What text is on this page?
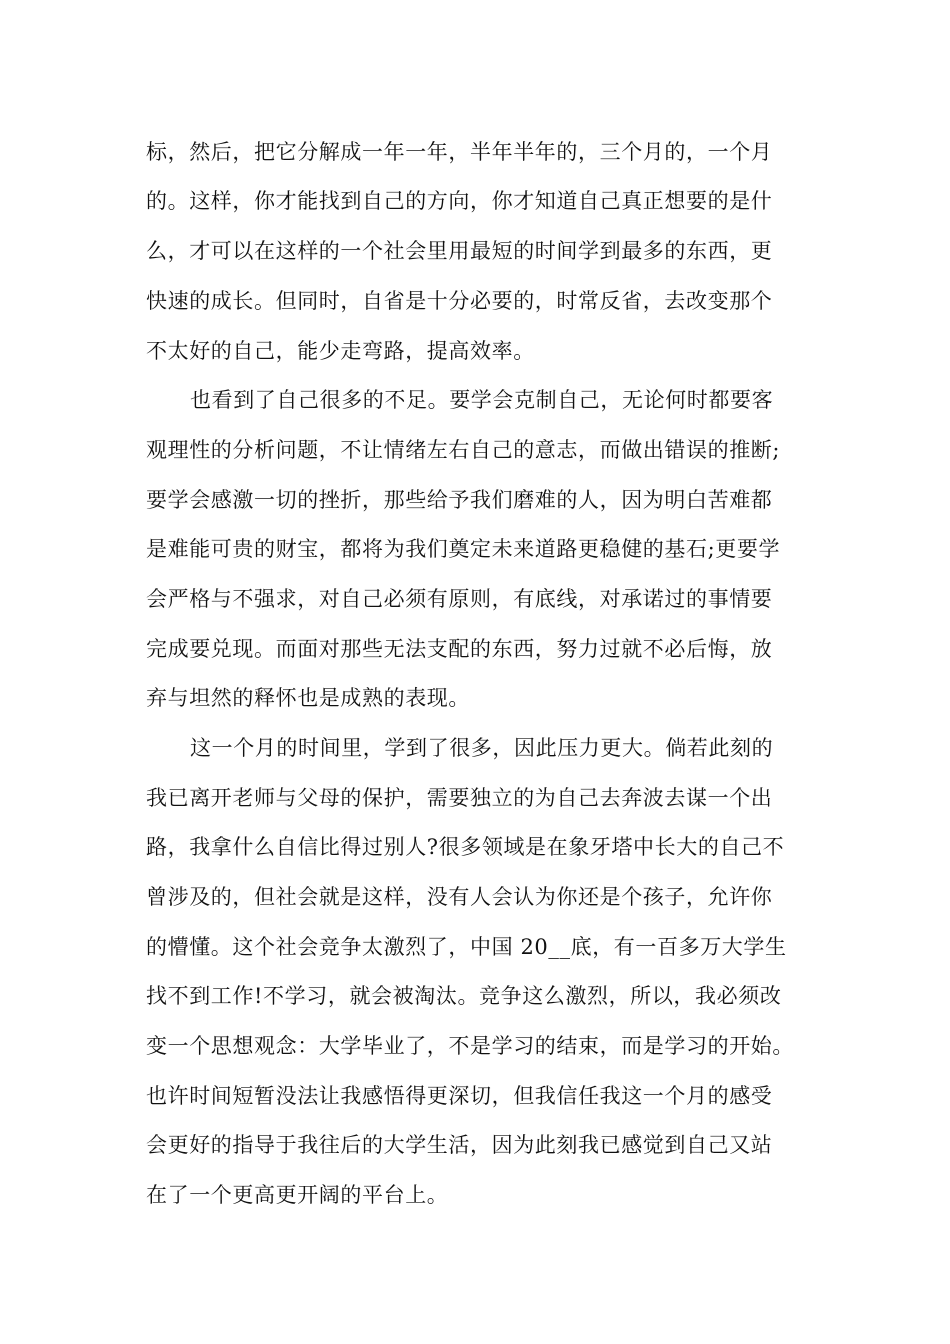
标，然后，把它分解成一年一年，半年半年的，三个月的，一个月
的。这样，你才能找到自己的方向，你才知道自己真正想要的是什
么，才可以在这样的一个社会里用最短的时间学到最多的东西，更
快速的成长。但同时，自省是十分必要的，时常反省，去改变那个
不太好的自己，能少走弯路，提高效率。
也看到了自己很多的不足。要学会克制自己，无论何时都要客
观理性的分析问题，不让情绪左右自己的意志，而做出错误的推断;
要学会感激一切的挫折，那些给予我们磨难的人，因为明白苦难都
是难能可贵的财宝，都将为我们奠定未来道路更稳健的基石;更要学
会严格与不强求，对自己必须有原则，有底线，对承诺过的事情要
完成要兑现。而面对那些无法支配的东西，努力过就不必后悔，放
弃与坦然的释怀也是成熟的表现。
这一个月的时间里，学到了很多，因此压力更大。倘若此刻的
我已离开老师与父母的保护，需要独立的为自己去奔波去谋一个出
路，我拿什么自信比得过别人?很多领域是在象牙塔中长大的自己不
曾涉及的，但社会就是这样，没有人会认为你还是个孩子，允许你
的懵懂。这个社会竞争太激烈了，中国 20__底，有一百多万大学生
找不到工作!不学习，就会被淘汰。竞争这么激烈，所以，我必须改
变一个思想观念：大学毕业了，不是学习的结束，而是学习的开始。
也许时间短暂没法让我感悟得更深切，但我信任我这一个月的感受
会更好的指导于我往后的大学生活，因为此刻我已感觉到自己又站
在了一个更高更开阔的平台上。
